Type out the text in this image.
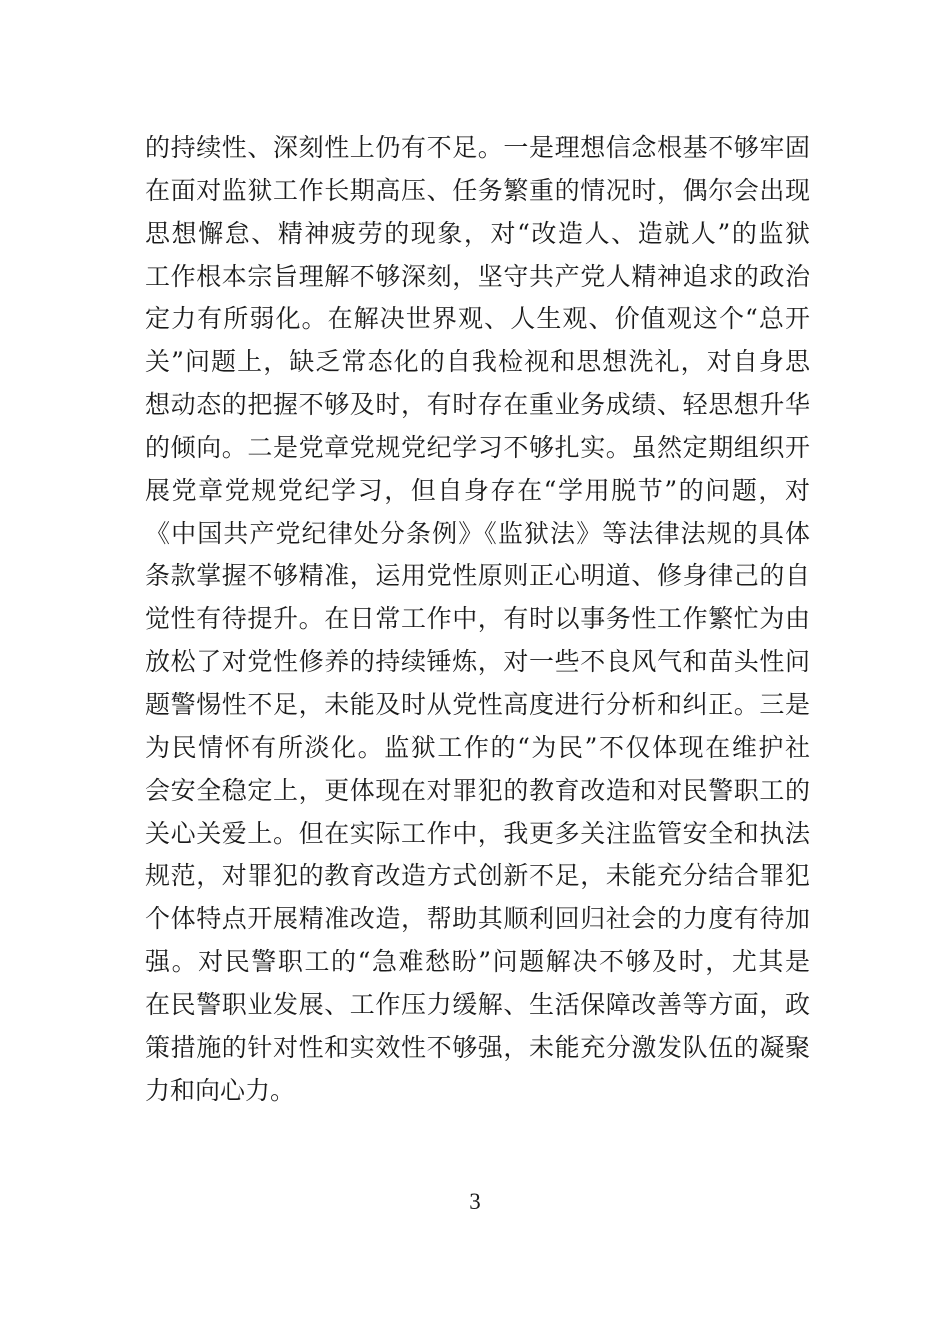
的持续性、深刻性上仍有不足。一是理想信念根基不够牢固
在面对监狱工作长期高压、任务繁重的情况时，偶尔会出现
思想懈怠、精神疲劳的现象，对“改造人、造就人”的监狱
工作根本宗旨理解不够深刻，坚守共产党人精神追求的政治
定力有所弱化。在解决世界观、人生观、价值观这个“总开
关”问题上，缺乏常态化的自我检视和思想洗礼，对自身思
想动态的把握不够及时，有时存在重业务成绩、轻思想升华
的倾向。二是党章党规党纪学习不够扎实。虽然定期组织开
展党章党规党纪学习，但自身存在“学用脱节”的问题，对
《中国共产党纪律处分条例》《监狱法》等法律法规的具体
条款掌握不够精准，运用党性原则正心明道、修身律己的自
觉性有待提升。在日常工作中，有时以事务性工作繁忙为由
放松了对党性修养的持续锤炼，对一些不良风气和苗头性问
题警惕性不足，未能及时从党性高度进行分析和纠正。三是
为民情怀有所淡化。监狱工作的“为民”不仅体现在维护社
会安全稳定上，更体现在对罪犯的教育改造和对民警职工的
关心关爱上。但在实际工作中，我更多关注监管安全和执法
规范，对罪犯的教育改造方式创新不足，未能充分结合罪犯
个体特点开展精准改造，帮助其顺利回归社会的力度有待加
强。对民警职工的“急难愁盼”问题解决不够及时，尤其是
在民警职业发展、工作压力缓解、生活保障改善等方面，政
策措施的针对性和实效性不够强，未能充分激发队伍的凝聚
力和向心力。
3
